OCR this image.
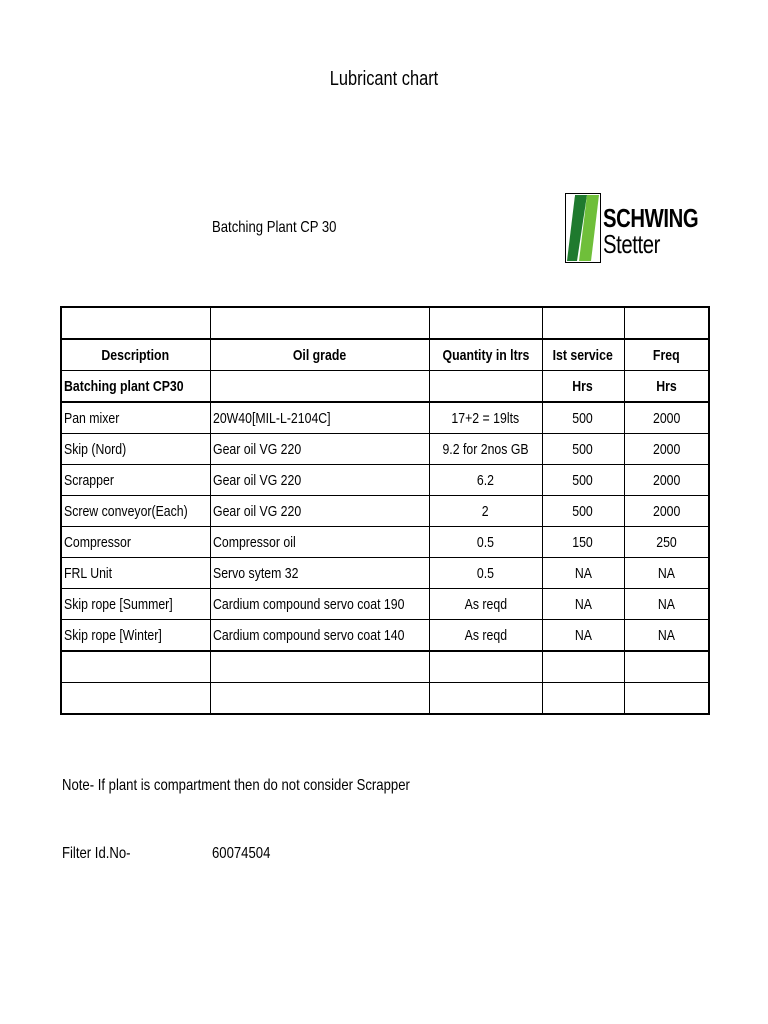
Lubricant chart
Batching Plant CP 30	SCHWING
Stetter

Description	Oil grade	Quantity in ltrs	Ist service	Freq
Batching plant CP30			Hrs	Hrs
Pan mixer	20W40[MIL-L-2104C]	17+2 = 19lts	500	2000
Skip (Nord)	Gear oil VG 220	9.2 for 2nos GB	500	2000
Scrapper	Gear oil VG 220	6.2	500	2000
Screw conveyor(Each)	Gear oil VG 220	2	500	2000
Compressor	Compressor oil	0.5	150	250
FRL Unit	Servo sytem 32	0.5	NA	NA
Skip rope [Summer]	Cardium compound servo coat 190	As reqd	NA	NA
Skip rope [Winter]	Cardium compound servo coat 140	As reqd	NA	NA

Note- If plant is compartment then do not consider Scrapper
Filter Id.No-	60074504
